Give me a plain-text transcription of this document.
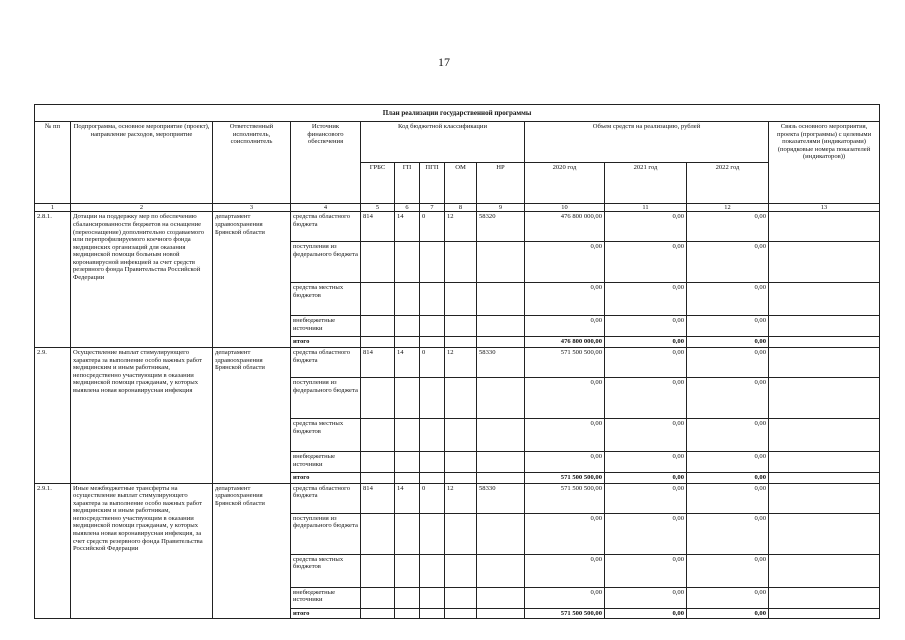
17
План реализации государственной программы												
№ пп	Подпрограмма, основное мероприятие (проект), направление расходов, мероприятие	Ответственный исполнитель, соисполнитель	Источник финансового обеспечения	Код бюджетной классификации					Объем средств на реализацию, рублей			Связь основного мероприятия, проекта (программы) с целевыми показателями (индикаторами) (порядковые номера показателей (индикаторов))
				ГРБС	ГП	ПГП	ОМ	НР	2020 год	2021 год	2022 год	
1	2	3	4	5	6	7	8	9	10	11	12	13
2.8.1.	Дотации на поддержку мер по обеспечению сбалансированности бюджетов на оснащение (переоснащение) дополнительно создаваемого или перепрофилируемого коечного фонда медицинских организаций для оказания медицинской помощи больным новой коронавирусной инфекцией за счет средств резервного фонда Правительства Российской Федерации	департамент здравоохранения Брянской области	средства областного бюджета	814	14	0	12	58320	476 800 000,00	0,00	0,00	
			поступления из федерального бюджета						0,00	0,00	0,00	
			средства местных бюджетов						0,00	0,00	0,00	
			внебюджетные источники						0,00	0,00	0,00	
			итого						476 800 000,00	0,00	0,00	
2.9.	Осуществление выплат стимулирующего характера за выполнение особо важных работ медицинским и иным работникам, непосредственно участвующим в оказании медицинской помощи гражданам, у которых выявлена новая коронавирусная инфекция	департамент здравоохранения Брянской области	средства областного бюджета	814	14	0	12	58330	571 500 500,00	0,00	0,00	
			поступления из федерального бюджета						0,00	0,00	0,00	
			средства местных бюджетов						0,00	0,00	0,00	
			внебюджетные источники						0,00	0,00	0,00	
			итого						571 500 500,00	0,00	0,00	
2.9.1.	Иные межбюджетные трансферты на осуществление выплат стимулирующего характера за выполнение особо важных работ медицинским и иным работникам, непосредственно участвующим в оказании медицинской помощи гражданам, у которых выявлена новая коронавирусная инфекция, за счет средств резервного фонда Правительства Российской Федерации	департамент здравоохранения Брянской области	средства областного бюджета	814	14	0	12	58330	571 500 500,00	0,00	0,00	
			поступления из федерального бюджета						0,00	0,00	0,00	
			средства местных бюджетов						0,00	0,00	0,00	
			внебюджетные источники						0,00	0,00	0,00	
			итого						571 500 500,00	0,00	0,00	
